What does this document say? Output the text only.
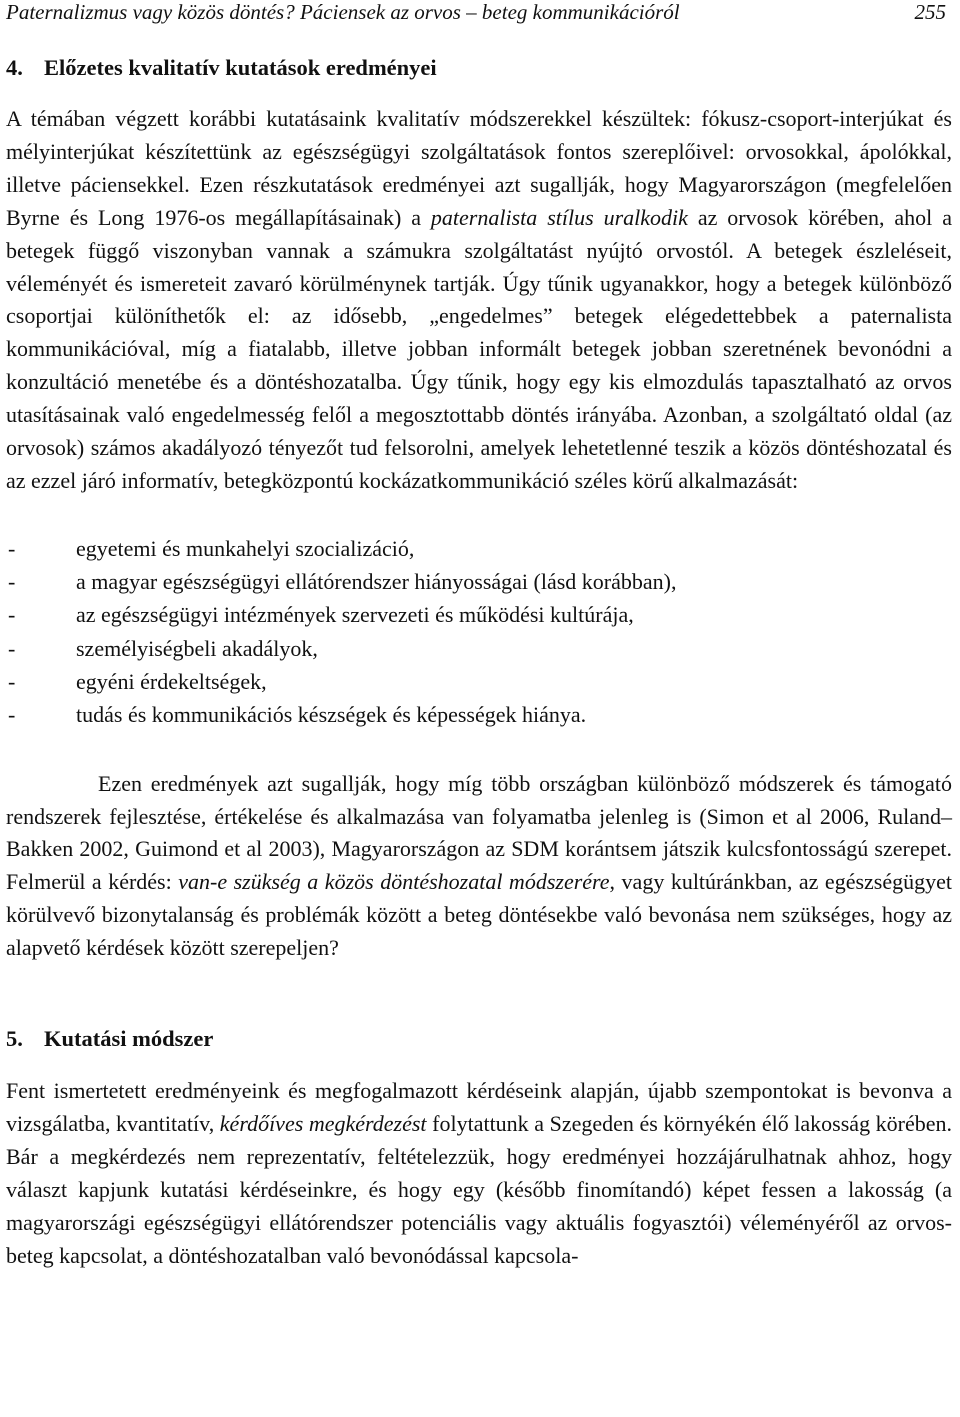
Paternalizmus vagy közös döntés? Páciensek az orvos – beteg kommunikációról	255
4. Előzetes kvalitatív kutatások eredményei

A témában végzett korábbi kutatásaink kvalitatív módszerekkel készültek: fókusz-csoport-interjúkat és mélyinterjúkat készítettünk az egészségügyi szolgáltatások fontos szereplőivel: orvosokkal, ápolókkal, illetve páciensekkel. Ezen részkutatások eredményei azt sugallják, hogy Magyarországon (megfelelően Byrne és Long 1976-os megállapításainak) a paternalista stílus uralkodik az orvosok körében, ahol a betegek függő viszonyban vannak a számukra szolgáltatást nyújtó orvostól. A betegek észleléseit, véleményét és ismereteit zavaró körülménynek tartják. Úgy tűnik ugyanakkor, hogy a betegek különböző csoportjai különíthetők el: az idősebb, „engedelmes” betegek elégedettebbek a paternalista kommunikációval, míg a fiatalabb, illetve jobban informált betegek jobban szeretnének bevonódni a konzultáció menetébe és a döntéshozatalba. Úgy tűnik, hogy egy kis elmozdulás tapasztalható az orvos utasításainak való engedelmesség felől a megosztottabb döntés irányába. Azonban, a szolgáltató oldal (az orvosok) számos akadályozó tényezőt tud felsorolni, amelyek lehetetlenné teszik a közös döntéshozatal és az ezzel járó informatív, betegközpontú kockázatkommunikáció széles körű alkalmazását:

-	egyetemi és munkahelyi szocializáció,
-	a magyar egészségügyi ellátórendszer hiányosságai (lásd korábban),
-	az egészségügyi intézmények szervezeti és működési kultúrája,
-	személyiségbeli akadályok,
-	egyéni érdekeltségek,
-	tudás és kommunikációs készségek és képességek hiánya.

Ezen eredmények azt sugallják, hogy míg több országban különböző módszerek és támogató rendszerek fejlesztése, értékelése és alkalmazása van folyamatba jelenleg is (Simon et al 2006, Ruland–Bakken 2002, Guimond et al 2003), Magyarországon az SDM korántsem játszik kulcsfontosságú szerepet. Felmerül a kérdés: van-e szükség a közös döntéshozatal módszerére, vagy kultúránkban, az egészségügyet körülvevő bizonytalanság és problémák között a beteg döntésekbe való bevonása nem szükséges, hogy az alapvető kérdések között szerepeljen?

5. Kutatási módszer

Fent ismertetett eredményeink és megfogalmazott kérdéseink alapján, újabb szempontokat is bevonva a vizsgálatba, kvantitatív, kérdőíves megkérdezést folytattunk a Szegeden és környékén élő lakosság körében. Bár a megkérdezés nem reprezentatív, feltételezzük, hogy eredményei hozzájárulhatnak ahhoz, hogy választ kapjunk kutatási kérdéseinkre, és hogy egy (később finomítandó) képet fessen a lakosság (a magyarországi egészségügyi ellátórendszer potenciális vagy aktuális fogyasztói) véleményéről az orvos-beteg kapcsolat, a döntéshozatalban való bevonódással kapcsola-
